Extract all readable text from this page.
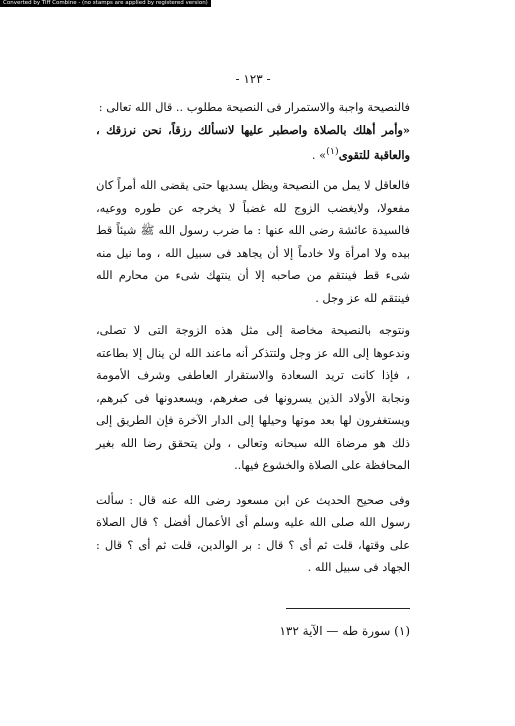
Converted by Tiff Combine - (no stamps are applied by registered version)
- ١٢٣ -

فالنصيحة واجبة والاستمرار فى النصيحة مطلوب .. قال الله تعالى :
«وأمر أهلك بالصلاة واصطبر عليها لانسألك رزقاً، نحن نرزقك ، والعاقبة للتقوى$^{(١)}$» .

فالعاقل لا يمل من النصيحة ويظل يسديها حتى يقضى الله أمراً كان مفعولا، ولايغضب الزوج لله غضباً لا يخرجه عن طوره ووعيه، فالسيدة عائشة رضى الله عنها : ما ضرب رسول الله ﷺ شيئاً قط بيده ولا امرأة ولا خادماً إلا أن يجاهد فى سبيل الله ، وما نيل منه شىء قط فينتقم من صاحبه إلا أن ينتهك شىء من محارم الله فينتقم لله عز وجل .

ونتوجه بالنصيحة مخاصة إلى مثل هذه الزوجة التى لا تصلى، وندعوها إلى الله عز وجل ولتتذكر أنه ماعند الله لن ينال إلا بطاعته ، فإذا كانت تريد السعادة والاستقرار العاطفى وشرف الأمومة ونجابة الأولاد الذين يسرونها فى صغرهم، ويسعدونها فى كبرهم، ويستغفرون لها بعد موتها وحيلها إلى الدار الآخرة فإن الطريق إلى ذلك هو مرضاة الله سبحانه وتعالى ، ولن يتحقق رضا الله بغير المحافظة على الصلاة والخشوع فيها..

وفى صحيح الحديث عن ابن مسعود رضى الله عنه قال : سألت رسول الله صلى الله عليه وسلم أى الأعمال أفضل ؟ قال الصلاة على وقتها، قلت ثم أى ؟ قال : بر الوالدين، قلت ثم أى ؟ قال : الجهاد فى سبيل الله .

(١) سورة طه — الآية ١٣٢
